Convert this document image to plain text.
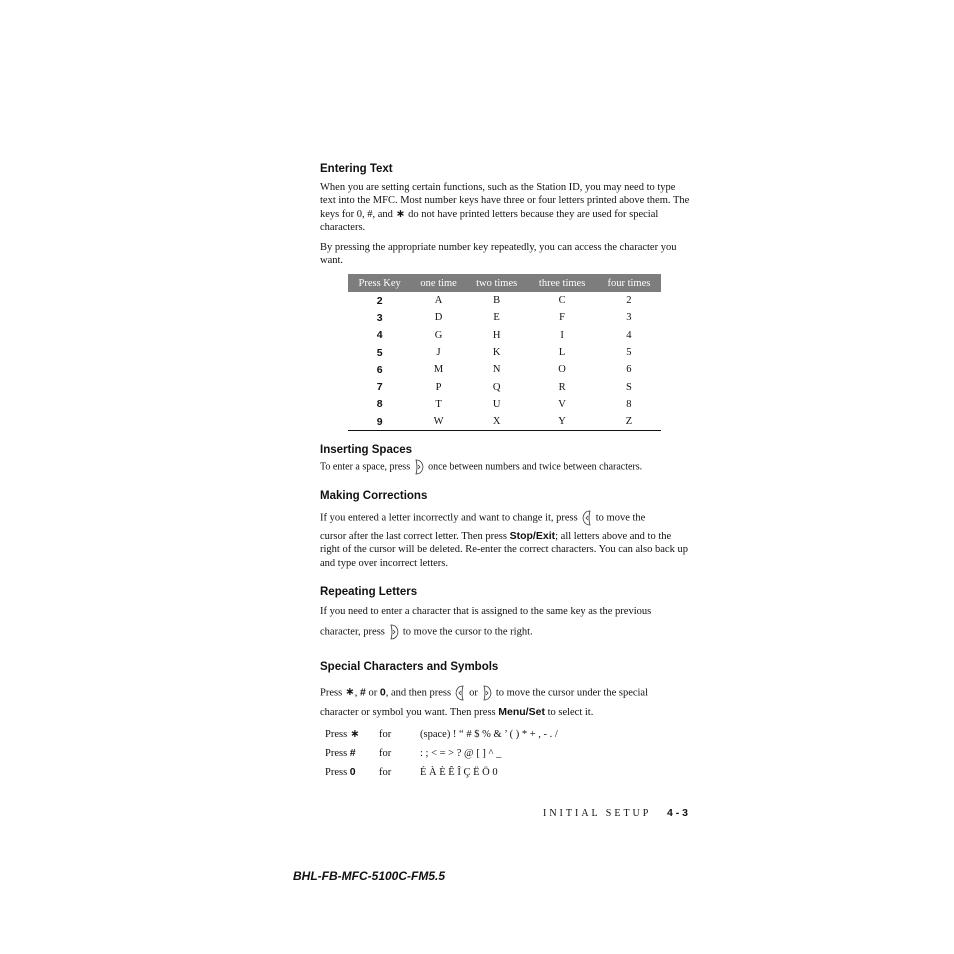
Entering Text
When you are setting certain functions, such as the Station ID, you may need to type text into the MFC. Most number keys have three or four letters printed above them. The keys for 0, #, and ∗ do not have printed letters because they are used for special characters.
By pressing the appropriate number key repeatedly, you can access the character you want.
Press Key	one time	two times	three times	four times
2	A	B	C	2
3	D	E	F	3
4	G	H	I	4
5	J	K	L	5
6	M	N	O	6
7	P	Q	R	S
8	T	U	V	8
9	W	X	Y	Z
Inserting Spaces
To enter a space, press once between numbers and twice between characters.
Making Corrections
If you entered a letter incorrectly and want to change it, press to move the
cursor after the last correct letter. Then press Stop/Exit; all letters above and to the right of the cursor will be deleted. Re-enter the correct characters. You can also back up and type over incorrect letters.
Repeating Letters
If you need to enter a character that is assigned to the same key as the previous
character, press to move the cursor to the right.
Special Characters and Symbols
Press ∗, # or 0, and then press or to move the cursor under the special
character or symbol you want. Then press Menu/Set to select it.
Press ∗ for	(space) ! “ # $ % & ’ ( ) * + , - . /
Press # for	: ; < = > ? @ [ ] ^ _
Press 0 for	É À È Ê Î Ç Ë Ö 0
INITIAL SETUP 4 - 3
BHL-FB-MFC-5100C-FM5.5
